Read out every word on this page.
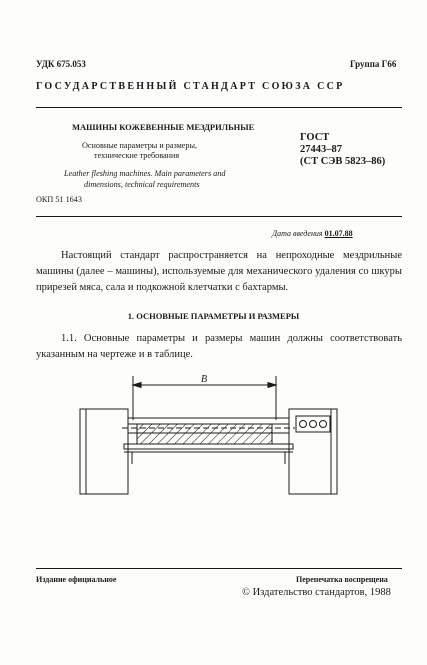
УДК 675.053	Группа Г66
ГОСУДАРСТВЕННЫЙ СТАНДАРТ СОЮЗА ССР
МАШИНЫ КОЖЕВЕННЫЕ МЕЗДРИЛЬНЫЕ
Основные параметры и размеры,
технические требования
Leather fleshing machines. Main parameters and
dimensions, technical requirements
ОКП 51 1643
ГОСТ
27443–87
(СТ СЭВ 5823–86)
Дата введения 01.07.88
Настоящий стандарт распространяется на непроходные мездрильные машины (далее – машины), используемые для механического удаления со шкуры прирезей мяса, сала и подкожной клетчатки с бахтармы.
1. ОСНОВНЫЕ ПАРАМЕТРЫ И РАЗМЕРЫ
1.1. Основные параметры и размеры машин должны соответствовать указанным на чертеже и в таблице.
В
Издание официальное	Перепечатка воспрещена
© Издательство стандартов, 1988
